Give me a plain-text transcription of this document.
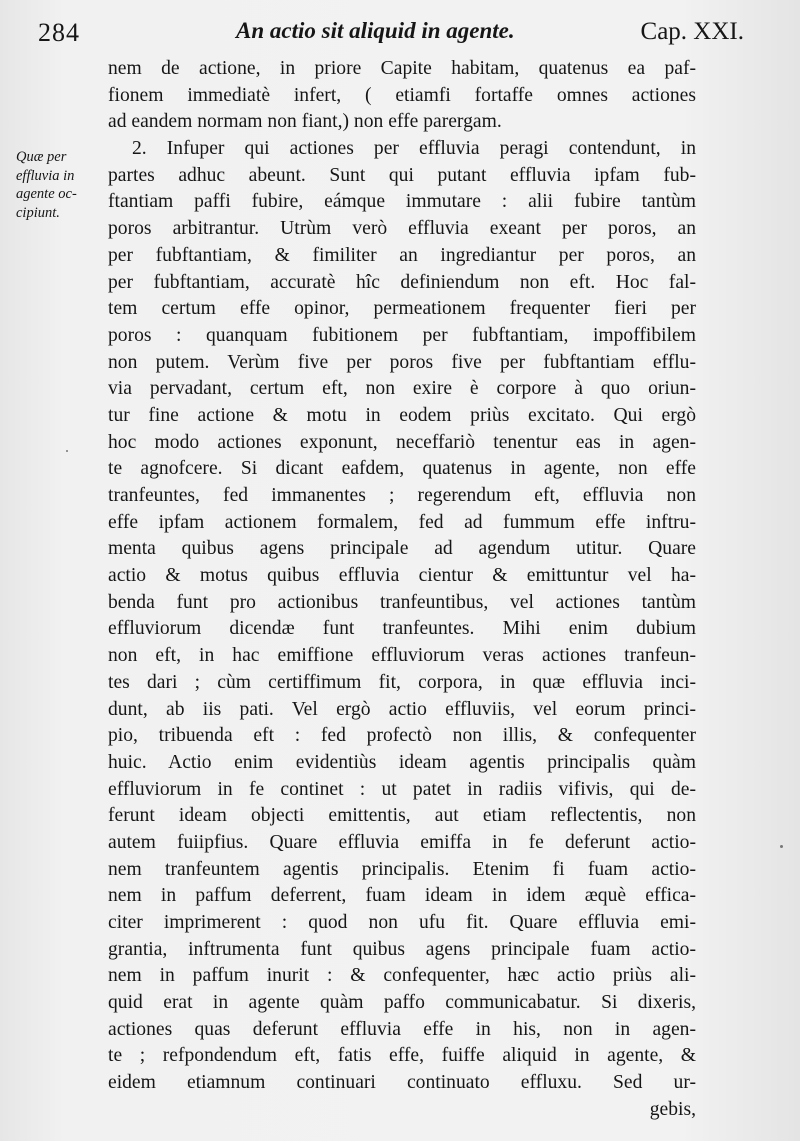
284	An actio sit aliquid in agente.	Cap. XXI.
Quæ per
effluvia in
agente oc-
cipiunt.
nem de actione, in priore Capite habitam, quatenus ea paf-
fionem immediatè infert, ( etiamfi fortaffe omnes actiones
ad eandem normam non fiant,) non effe parergam.
2. Infuper qui actiones per effluvia peragi contendunt, in
partes adhuc abeunt. Sunt qui putant effluvia ipfam fub-
ftantiam paffi fubire, eámque immutare : alii fubire tantùm
poros arbitrantur. Utrùm verò effluvia exeant per poros, an
per fubftantiam, & fimiliter an ingrediantur per poros, an
per fubftantiam, accuratè hîc definiendum non eft. Hoc fal-
tem certum effe opinor, permeationem frequenter fieri per
poros : quanquam fubitionem per fubftantiam, impoffibilem
non putem. Verùm five per poros five per fubftantiam efflu-
via pervadant, certum eft, non exire è corpore à quo oriun-
tur fine actione & motu in eodem priùs excitato. Qui ergò
hoc modo actiones exponunt, neceffariò tenentur eas in agen-
te agnofcere. Si dicant eafdem, quatenus in agente, non effe
tranfeuntes, fed immanentes ; regerendum eft, effluvia non
effe ipfam actionem formalem, fed ad fummum effe inftru-
menta quibus agens principale ad agendum utitur. Quare
actio & motus quibus effluvia cientur & emittuntur vel ha-
benda funt pro actionibus tranfeuntibus, vel actiones tantùm
effluviorum dicendæ funt tranfeuntes. Mihi enim dubium
non eft, in hac emiffione effluviorum veras actiones tranfeun-
tes dari ; cùm certiffimum fit, corpora, in quæ effluvia inci-
dunt, ab iis pati. Vel ergò actio effluviis, vel eorum princi-
pio, tribuenda eft : fed profectò non illis, & confequenter
huic. Actio enim evidentiùs ideam agentis principalis quàm
effluviorum in fe continet : ut patet in radiis vifivis, qui de-
ferunt ideam objecti emittentis, aut etiam reflectentis, non
autem fuiipfius. Quare effluvia emiffa in fe deferunt actio-
nem tranfeuntem agentis principalis. Etenim fi fuam actio-
nem in paffum deferrent, fuam ideam in idem æquè effica-
citer imprimerent : quod non ufu fit. Quare effluvia emi-
grantia, inftrumenta funt quibus agens principale fuam actio-
nem in paffum inurit : & confequenter, hæc actio priùs ali-
quid erat in agente quàm paffo communicabatur. Si dixeris,
actiones quas deferunt effluvia effe in his, non in agen-
te ; refpondendum eft, fatis effe, fuiffe aliquid in agente, &
eidem etiamnum continuari continuato effluxu. Sed ur-
gebis,
